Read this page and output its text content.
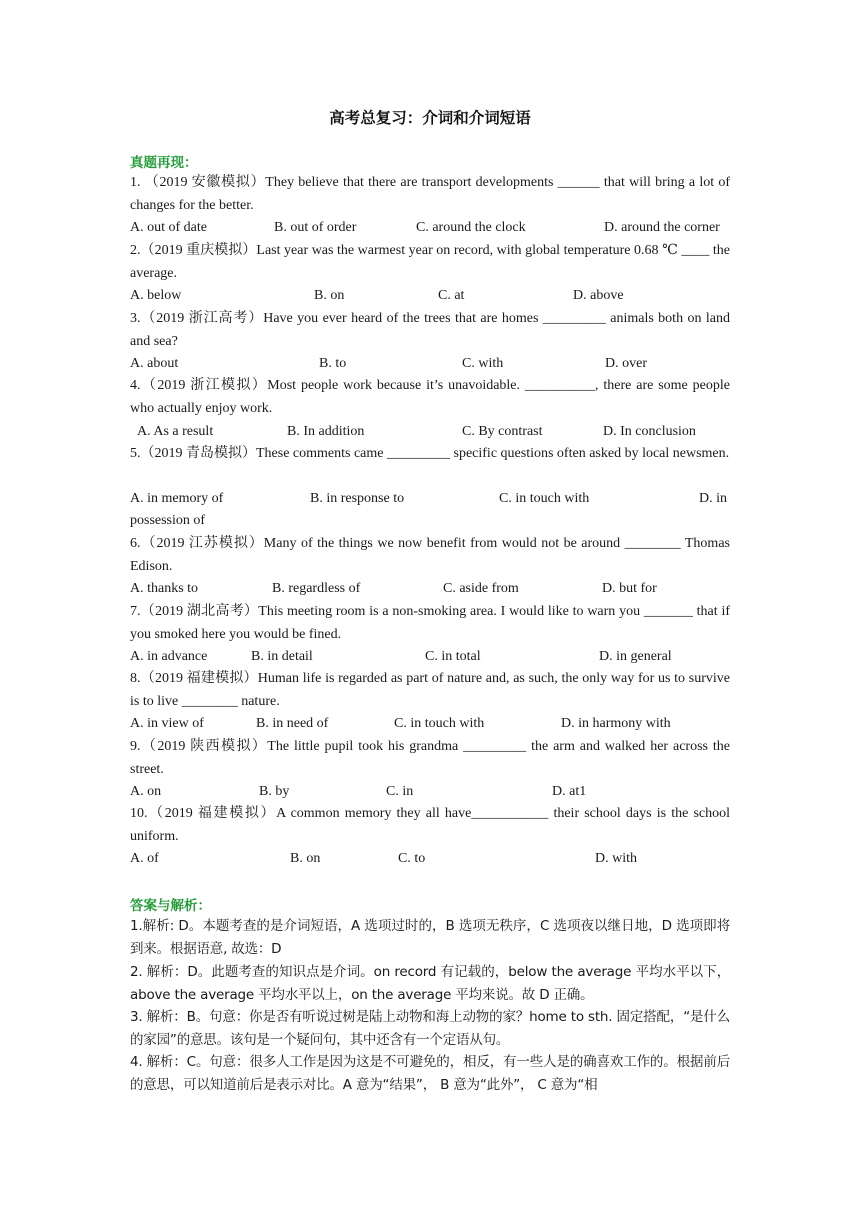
高考总复习：介词和介词短语
真题再现：
1. （2019 安徽模拟）They believe that there are transport developments ______ that will bring a lot of changes for the better.
A. out of date	B. out of order	C. around the clock	D. around the corner
2.（2019 重庆模拟）Last year was the warmest year on record, with global temperature 0.68 ℃ ____ the average.
A. below	B. on	C. at	D. above
3.（2019 浙江高考）Have you ever heard of the trees that are homes _________ animals both on land and sea?
A. about	B. to	C. with	D. over
4.（2019 浙江模拟）Most people work because it’s unavoidable. __________, there are some people who actually enjoy work.
A. As a result	B. In addition	C. By contrast	D. In conclusion
5.（2019 青岛模拟）These comments came _________ specific questions often asked by local newsmen.
A. in memory of	B. in response to	C. in touch with	D. in
possession of
6.（2019 江苏模拟）Many of the things we now benefit from would not be around ________ Thomas Edison.
A. thanks to	B. regardless of	C. aside from	D. but for
7.（2019 湖北高考）This meeting room is a non-smoking area. I would like to warn you _______ that if you smoked here you would be fined.
A. in advance	B. in detail	C. in total	D. in general
8.（2019 福建模拟）Human life is regarded as part of nature and, as such, the only way for us to survive is to live ________ nature.
A. in view of	B. in need of	C. in touch with	D. in harmony with
9.（2019 陕西模拟）The little pupil took his grandma _________ the arm and walked her across the street.
A. on	B. by	C. in	D. at1
10.（2019 福建模拟）A common memory they all have___________ their school days is the school uniform.
A. of	B. on	C. to	D. with
答案与解析：
1.解析: D。本题考查的是介词短语，A 选项过时的，B 选项无秩序，C 选项夜以继日地，D 选项即将到来。根据语意, 故选：D
2. 解析：D。此题考查的知识点是介词。on record 有记载的，below the average 平均水平以下，above the average 平均水平以上，on the average 平均来说。故 D 正确。
3. 解析：B。句意：你是否有听说过树是陆上动物和海上动物的家？home to sth. 固定搭配，“是什么的家园”的意思。该句是一个疑问句，其中还含有一个定语从句。
4. 解析：C。句意：很多人工作是因为这是不可避免的，相反，有一些人是的确喜欢工作的。根据前后的意思，可以知道前后是表示对比。A 意为“结果”， B 意为“此外”， C 意为“相
